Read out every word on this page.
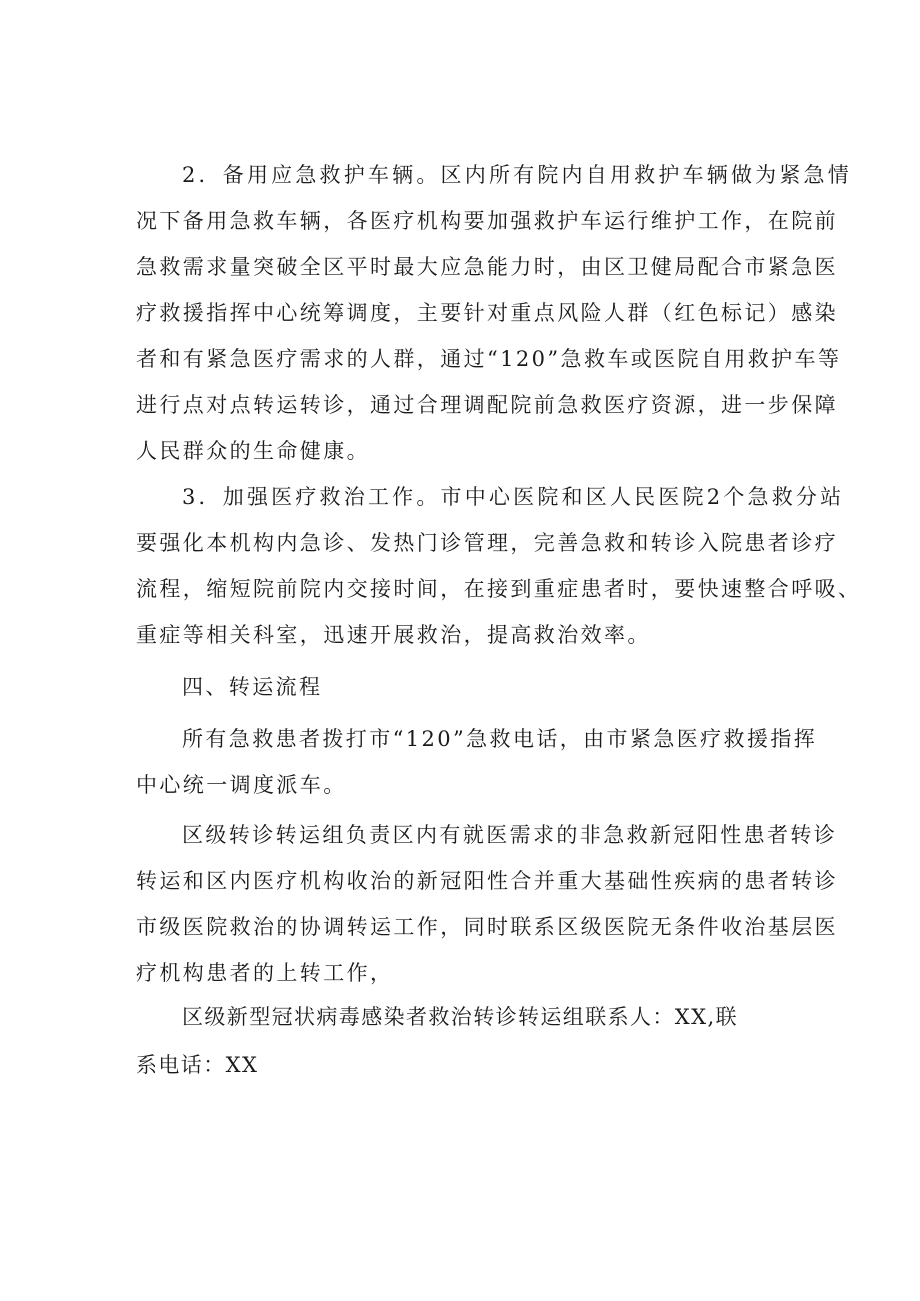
2．备用应急救护车辆。区内所有院内自用救护车辆做为紧急情
况下备用急救车辆，各医疗机构要加强救护车运行维护工作，在院前
急救需求量突破全区平时最大应急能力时，由区卫健局配合市紧急医
疗救援指挥中心统筹调度，主要针对重点风险人群（红色标记）感染
者和有紧急医疗需求的人群，通过“120”急救车或医院自用救护车等
进行点对点转运转诊，通过合理调配院前急救医疗资源，进一步保障
人民群众的生命健康。
3．加强医疗救治工作。市中心医院和区人民医院2个急救分站
要强化本机构内急诊、发热门诊管理，完善急救和转诊入院患者诊疗
流程，缩短院前院内交接时间，在接到重症患者时，要快速整合呼吸、
重症等相关科室，迅速开展救治，提高救治效率。
四、转运流程
所有急救患者拨打市“120”急救电话，由市紧急医疗救援指挥
中心统一调度派车。
区级转诊转运组负责区内有就医需求的非急救新冠阳性患者转诊
转运和区内医疗机构收治的新冠阳性合并重大基础性疾病的患者转诊
市级医院救治的协调转运工作，同时联系区级医院无条件收治基层医
疗机构患者的上转工作，
区级新型冠状病毒感染者救治转诊转运组联系人：XX,联
系电话：XX
